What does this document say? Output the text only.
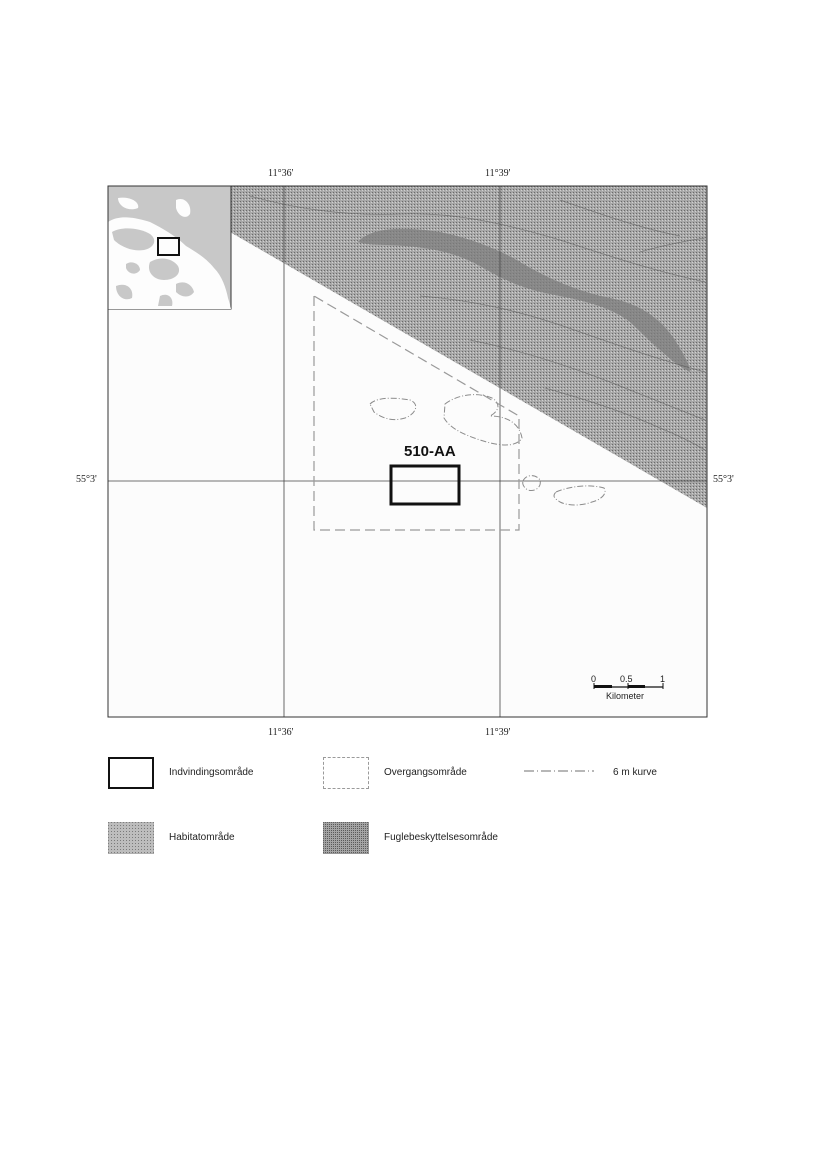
11°36'	11°39'
11°36'	11°39'
55°3'	55°3'
510-AA
0	0.5	1
Kilometer
Indvindingsområde	Overgangsområde	6 m kurve
Habitatområde	Fuglebeskyttelsesområde
